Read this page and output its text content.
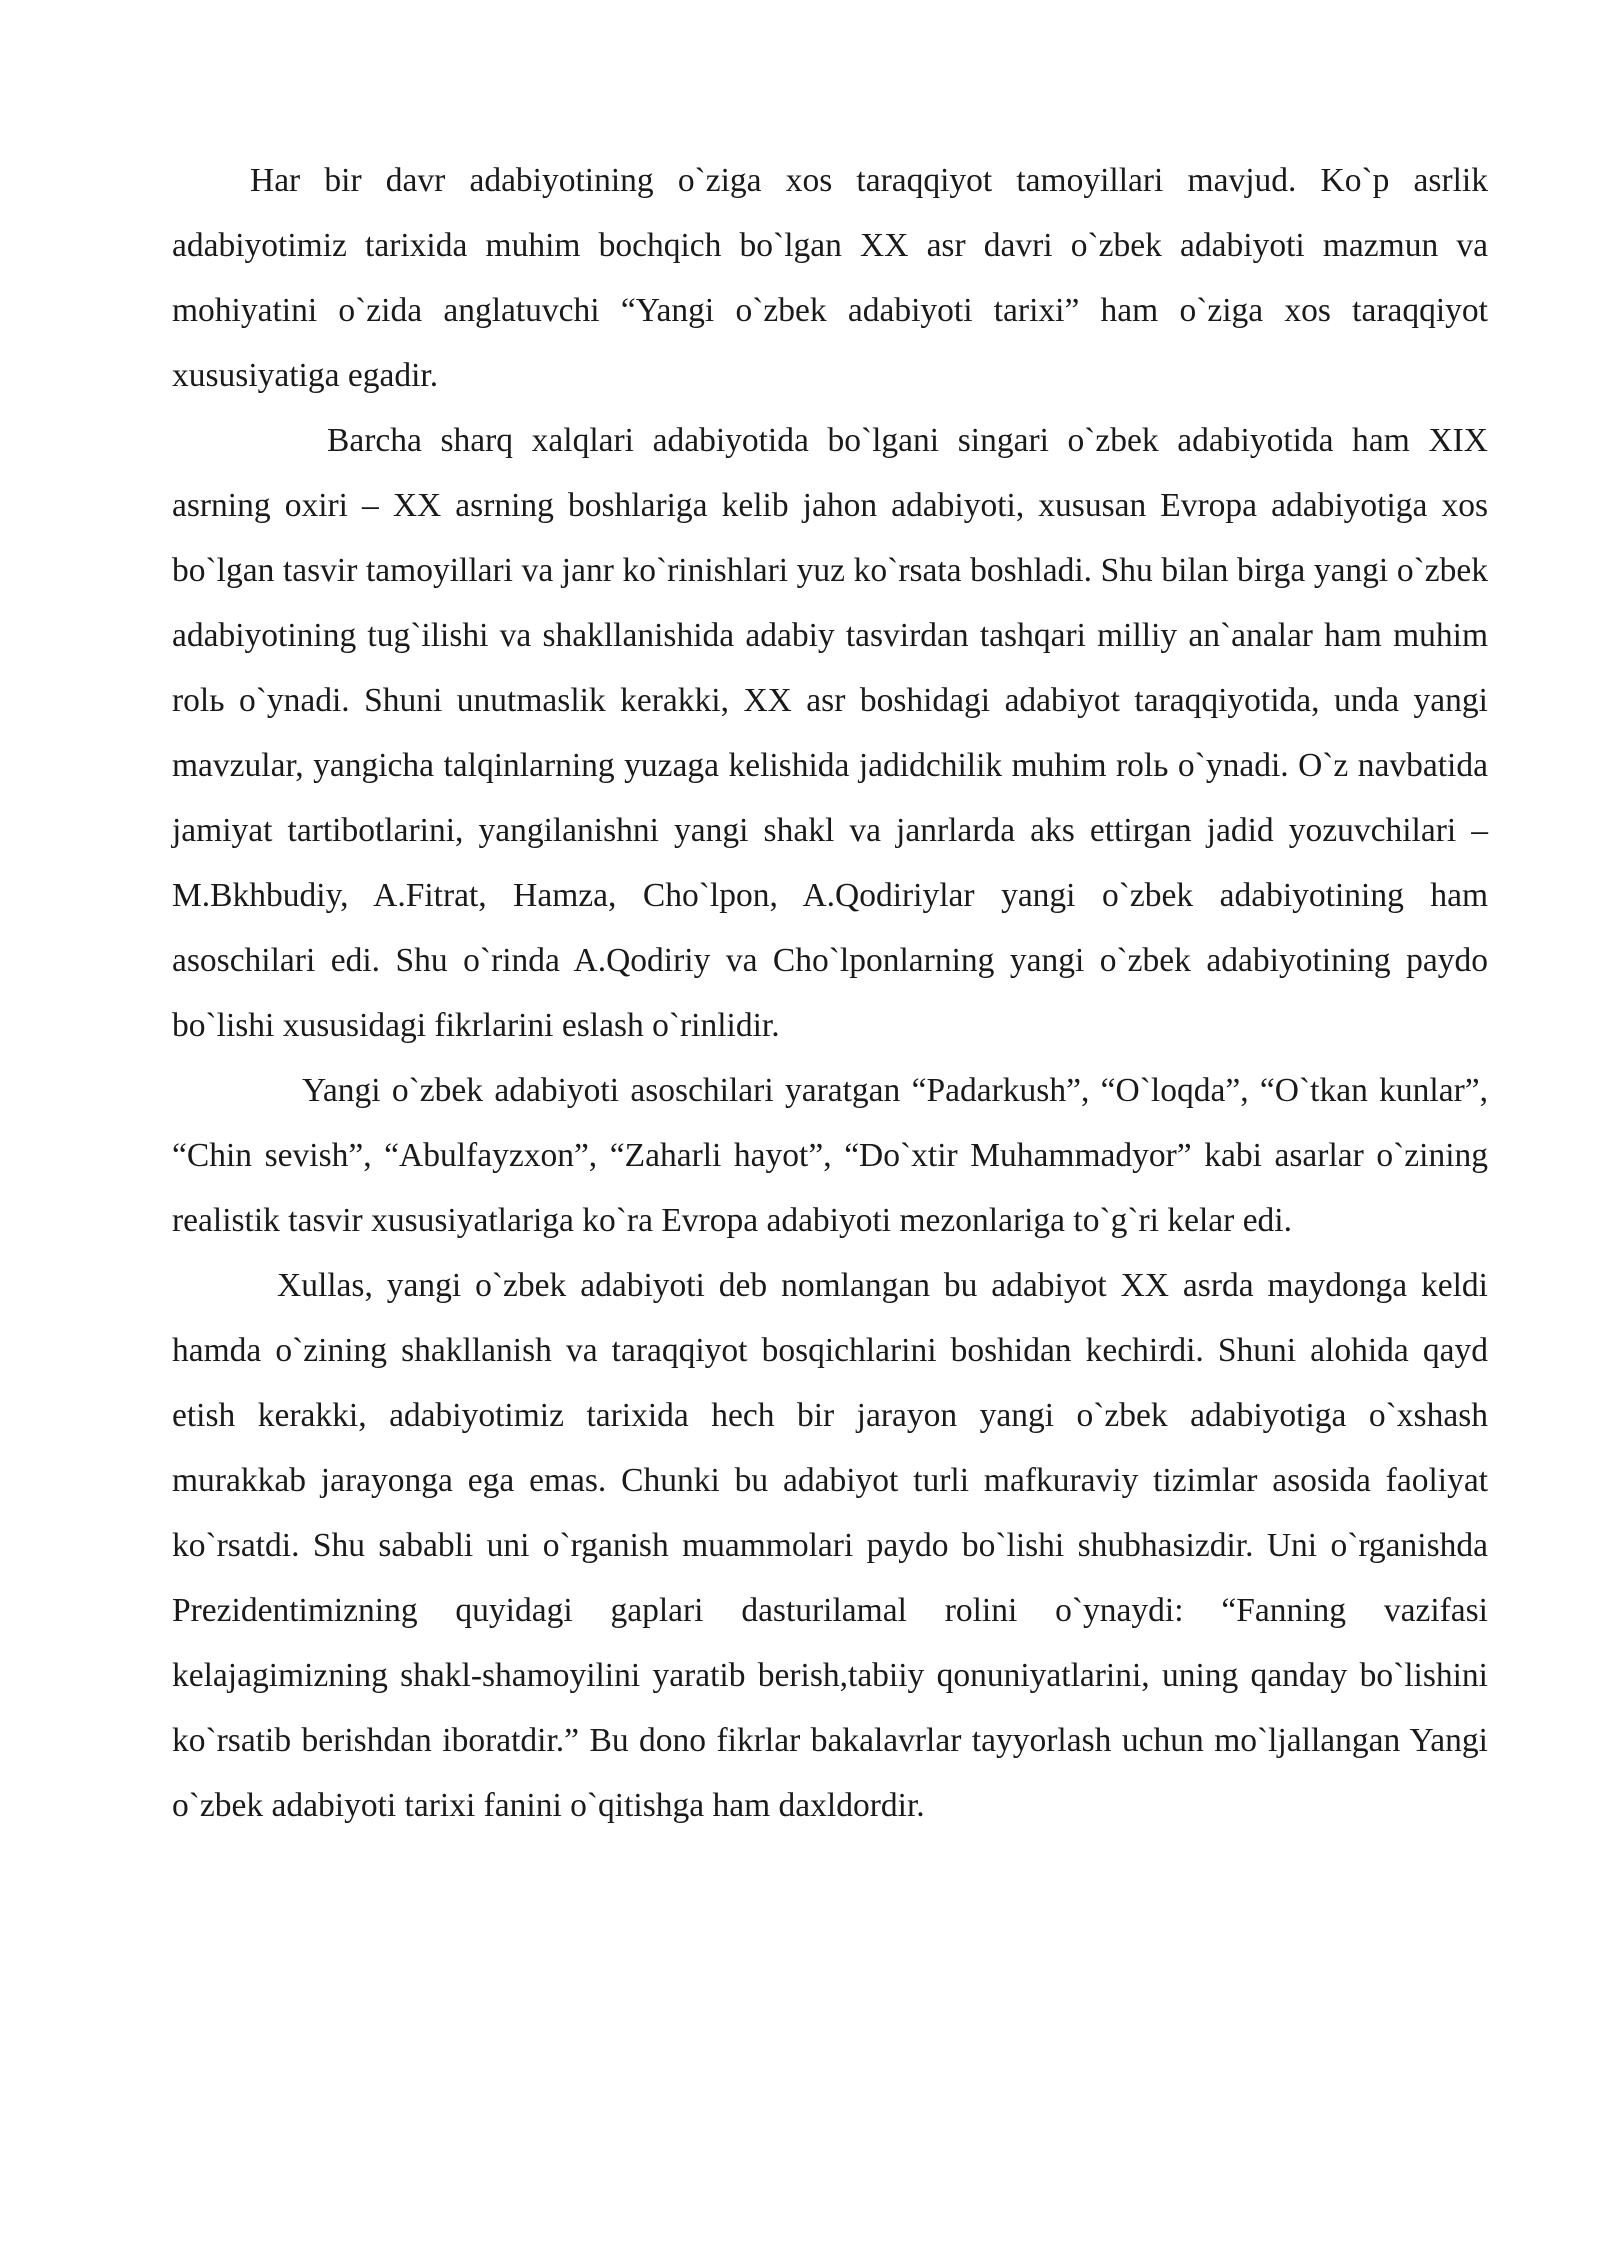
Har bir davr adabiyotining o`ziga xos taraqqiyot tamoyillari mavjud. Ko`p asrlik adabiyotimiz tarixida muhim bochqich bo`lgan XX asr davri o`zbek adabiyoti mazmun va mohiyatini o`zida anglatuvchi “Yangi o`zbek adabiyoti tarixi” ham o`ziga xos taraqqiyot xususiyatiga egadir.

Barcha sharq xalqlari adabiyotida bo`lgani singari o`zbek adabiyotida ham XIX asrning oxiri – XX asrning boshlariga kelib jahon adabiyoti, xususan Evropa adabiyotiga xos bo`lgan tasvir tamoyillari va janr ko`rinishlari yuz ko`rsata boshladi. Shu bilan birga yangi o`zbek adabiyotining tug`ilishi va shakllanishida adabiy tasvirdan tashqari milliy an`analar ham muhim rolь o`ynadi. Shuni unutmaslik kerakki, XX asr boshidagi adabiyot taraqqiyotida, unda yangi mavzular, yangicha talqinlarning yuzaga kelishida jadidchilik muhim rolь o`ynadi. O`z navbatida jamiyat tartibotlarini, yangilanishni yangi shakl va janrlarda aks ettirgan jadid yozuvchilari – M.Bkhbudiy, A.Fitrat, Hamza, Cho`lpon, A.Qodiriylar yangi o`zbek adabiyotining ham asoschilari edi. Shu o`rinda A.Qodiriy va Cho`lponlarning yangi o`zbek adabiyotining paydo bo`lishi xususidagi fikrlarini eslash o`rinlidir.

Yangi o`zbek adabiyoti asoschilari yaratgan “Padarkush”, “O`loqda”, “O`tkan kunlar”, “Chin sevish”, “Abulfayzxon”, “Zaharli hayot”, “Do`xtir Muhammadyor” kabi asarlar o`zining realistik tasvir xususiyatlariga ko`ra Evropa adabiyoti mezonlariga to`g`ri kelar edi.

Xullas, yangi o`zbek adabiyoti deb nomlangan bu adabiyot XX asrda maydonga keldi hamda o`zining shakllanish va taraqqiyot bosqichlarini boshidan kechirdi. Shuni alohida qayd etish kerakki, adabiyotimiz tarixida hech bir jarayon yangi o`zbek adabiyotiga o`xshash murakkab jarayonga ega emas. Chunki bu adabiyot turli mafkuraviy tizimlar asosida faoliyat ko`rsatdi. Shu sababli uni o`rganish muammolari paydo bo`lishi shubhasizdir. Uni o`rganishda Prezidentimizning quyidagi gaplari dasturilamal rolini o`ynaydi: “Fanning vazifasi kelajagimizning shakl-shamoyilini yaratib berish,tabiiy qonuniyatlarini, uning qanday bo`lishini ko`rsatib berishdan iboratdir.” Bu dono fikrlar bakalavrlar tayyorlash uchun mo`ljallangan Yangi o`zbek adabiyoti tarixi fanini o`qitishga ham daxldordir.
